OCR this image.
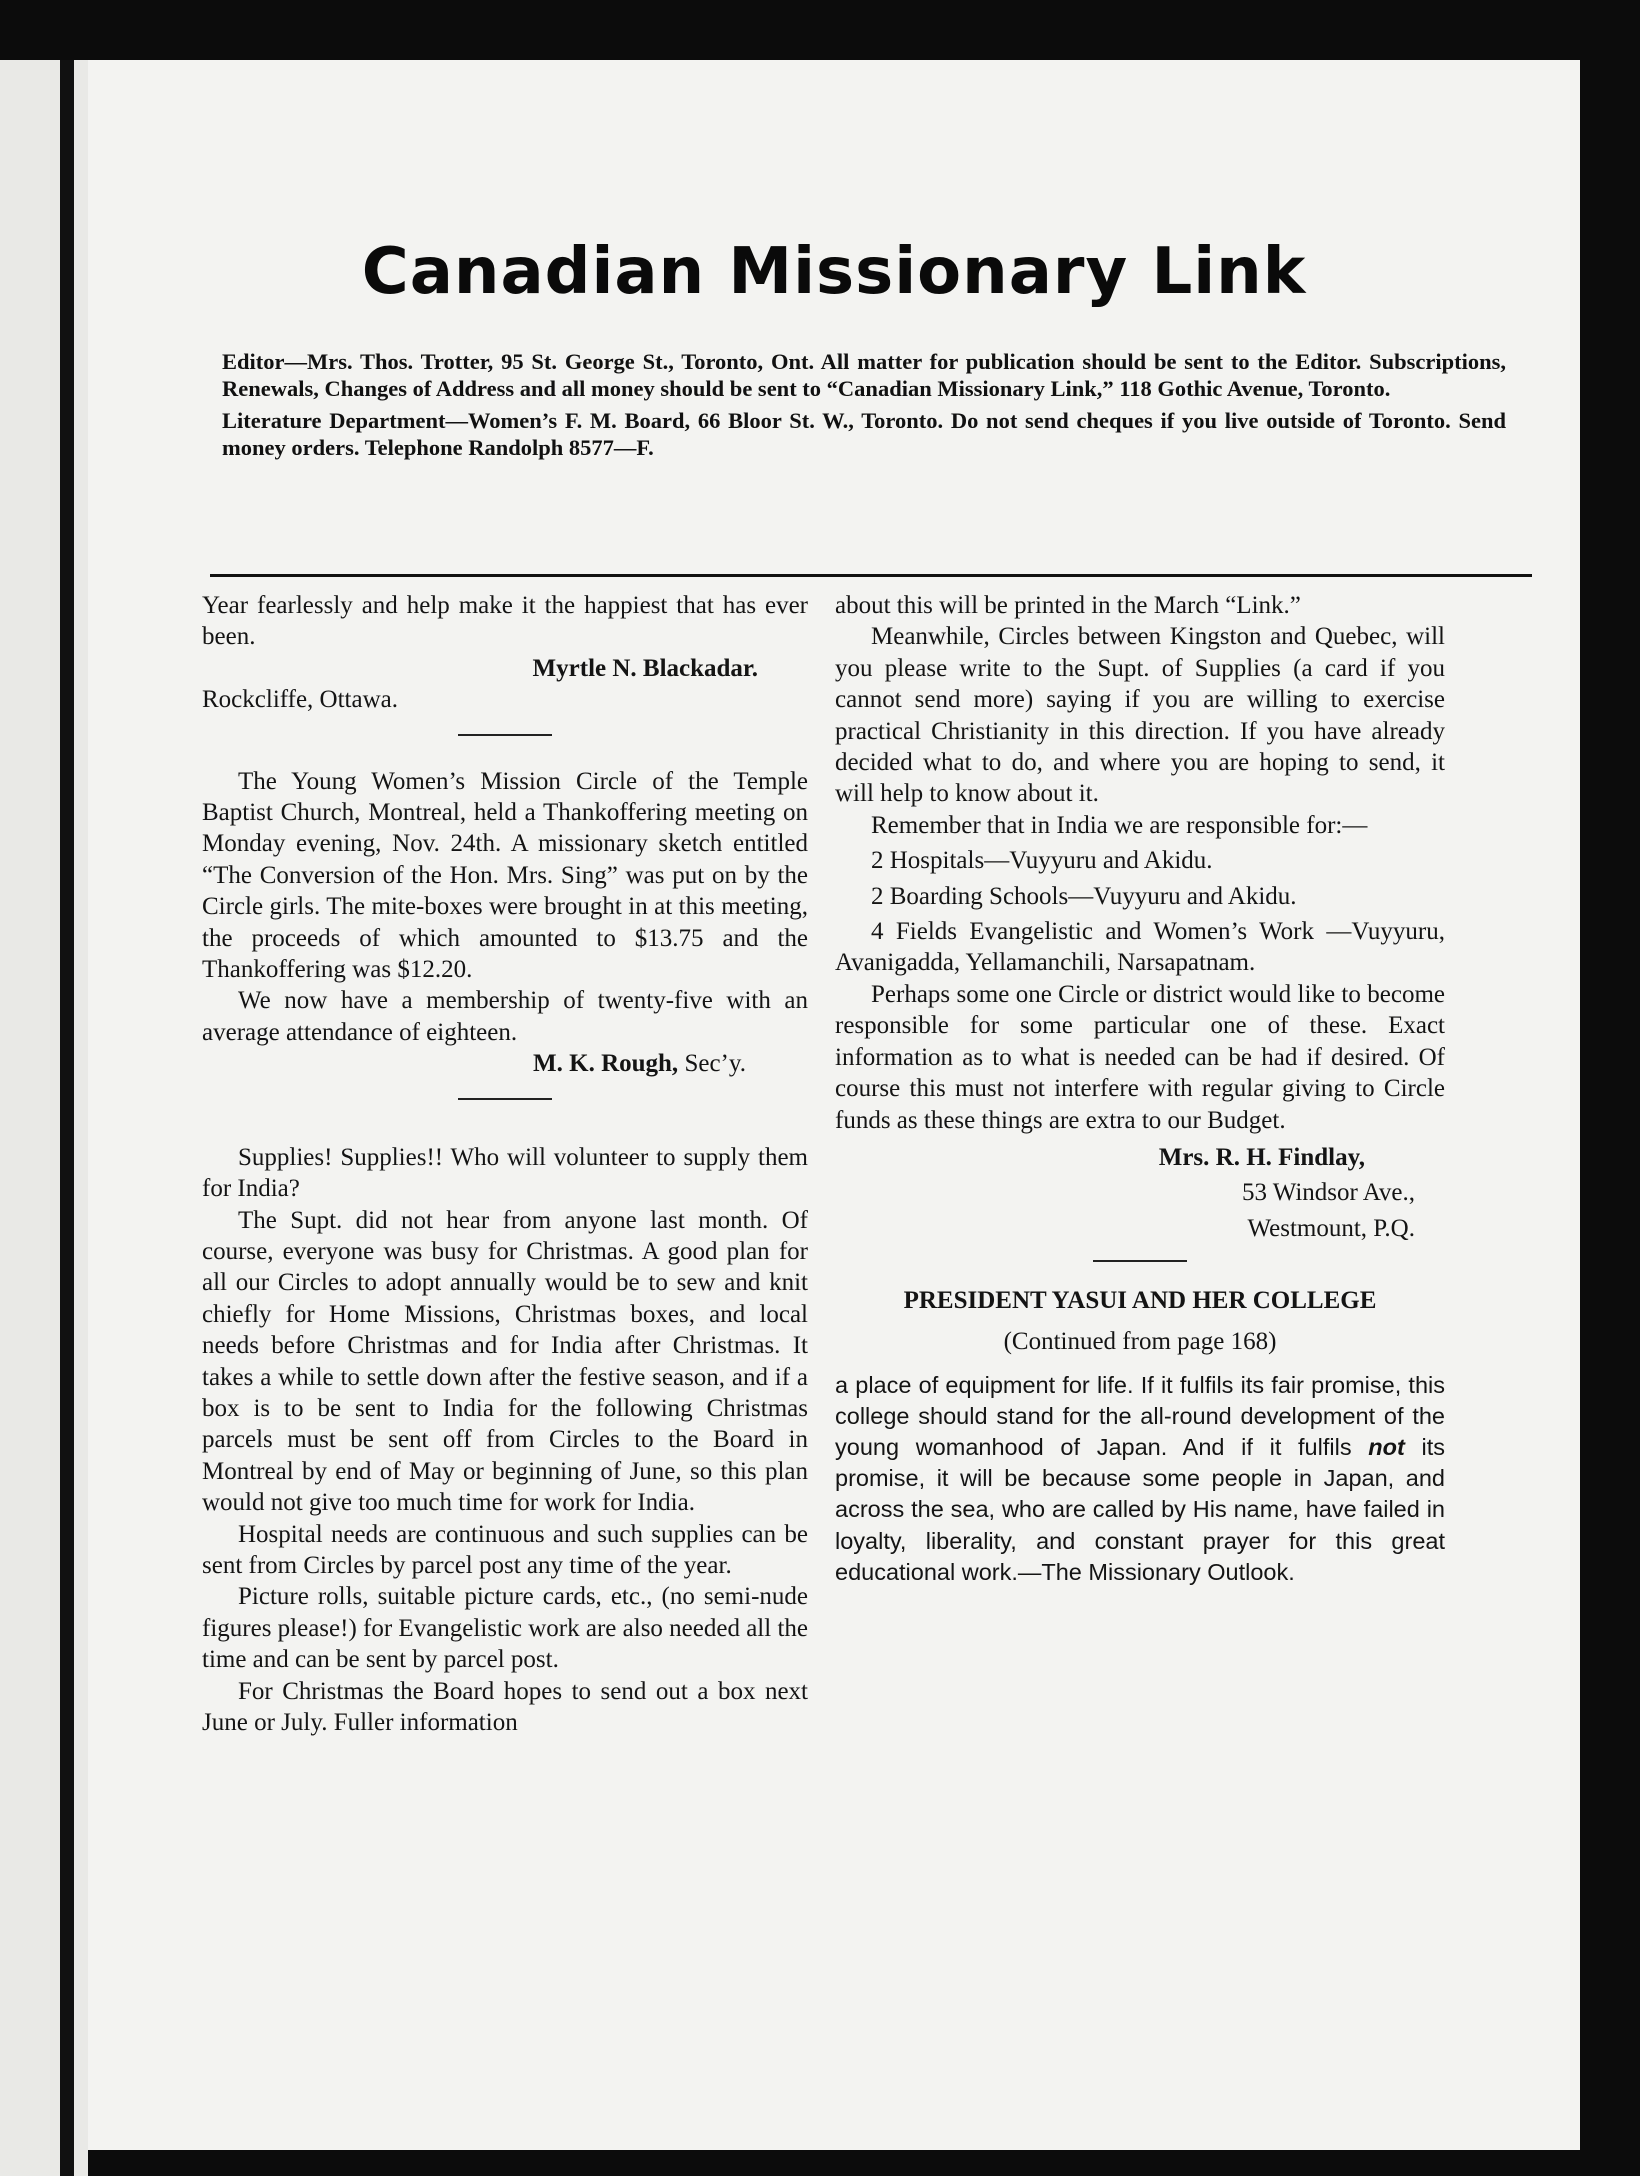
Canadian Missionary Link

Editor—Mrs. Thos. Trotter, 95 St. George St., Toronto, Ont. All matter for publication should be sent to the Editor. Subscriptions, Renewals, Changes of Address and all money should be sent to “Canadian Missionary Link,” 118 Gothic Avenue, Toronto.

Literature Department—Women’s F. M. Board, 66 Bloor St. W., Toronto. Do not send cheques if you live outside of Toronto. Send money orders. Telephone Randolph 8577—F.

Year fearlessly and help make it the happiest that has ever been.

Myrtle N. Blackadar.

Rockcliffe, Ottawa.

The Young Women’s Mission Circle of the Temple Baptist Church, Montreal, held a Thankoffering meeting on Monday evening, Nov. 24th. A missionary sketch entitled “The Conversion of the Hon. Mrs. Sing” was put on by the Circle girls. The mite-boxes were brought in at this meeting, the proceeds of which amounted to $13.75 and the Thankoffering was $12.20.

We now have a membership of twenty-five with an average attendance of eighteen.

M. K. Rough, Sec’y.

Supplies! Supplies!! Who will volunteer to supply them for India?

The Supt. did not hear from anyone last month. Of course, everyone was busy for Christmas. A good plan for all our Circles to adopt annually would be to sew and knit chiefly for Home Missions, Christmas boxes, and local needs before Christmas and for India after Christmas. It takes a while to settle down after the festive season, and if a box is to be sent to India for the following Christmas parcels must be sent off from Circles to the Board in Montreal by end of May or beginning of June, so this plan would not give too much time for work for India.

Hospital needs are continuous and such supplies can be sent from Circles by parcel post any time of the year.

Picture rolls, suitable picture cards, etc., (no semi-nude figures please!) for Evangelistic work are also needed all the time and can be sent by parcel post.

For Christmas the Board hopes to send out a box next June or July. Fuller information

about this will be printed in the March “Link.”

Meanwhile, Circles between Kingston and Quebec, will you please write to the Supt. of Supplies (a card if you cannot send more) saying if you are willing to exercise practical Christianity in this direction. If you have already decided what to do, and where you are hoping to send, it will help to know about it.

Remember that in India we are responsible for:—

2 Hospitals—Vuyyuru and Akidu.

2 Boarding Schools—Vuyyuru and Akidu.

4 Fields Evangelistic and Women’s Work —Vuyyuru, Avanigadda, Yellamanchili, Narsapatnam.

Perhaps some one Circle or district would like to become responsible for some particular one of these. Exact information as to what is needed can be had if desired. Of course this must not interfere with regular giving to Circle funds as these things are extra to our Budget.

Mrs. R. H. Findlay,

53 Windsor Ave.,

Westmount, P.Q.

PRESIDENT YASUI AND HER COLLEGE

(Continued from page 168)

a place of equipment for life. If it fulfils its fair promise, this college should stand for the all-round development of the young womanhood of Japan. And if it fulfils not its promise, it will be because some people in Japan, and across the sea, who are called by His name, have failed in loyalty, liberality, and constant prayer for this great educational work.—The Missionary Outlook.
